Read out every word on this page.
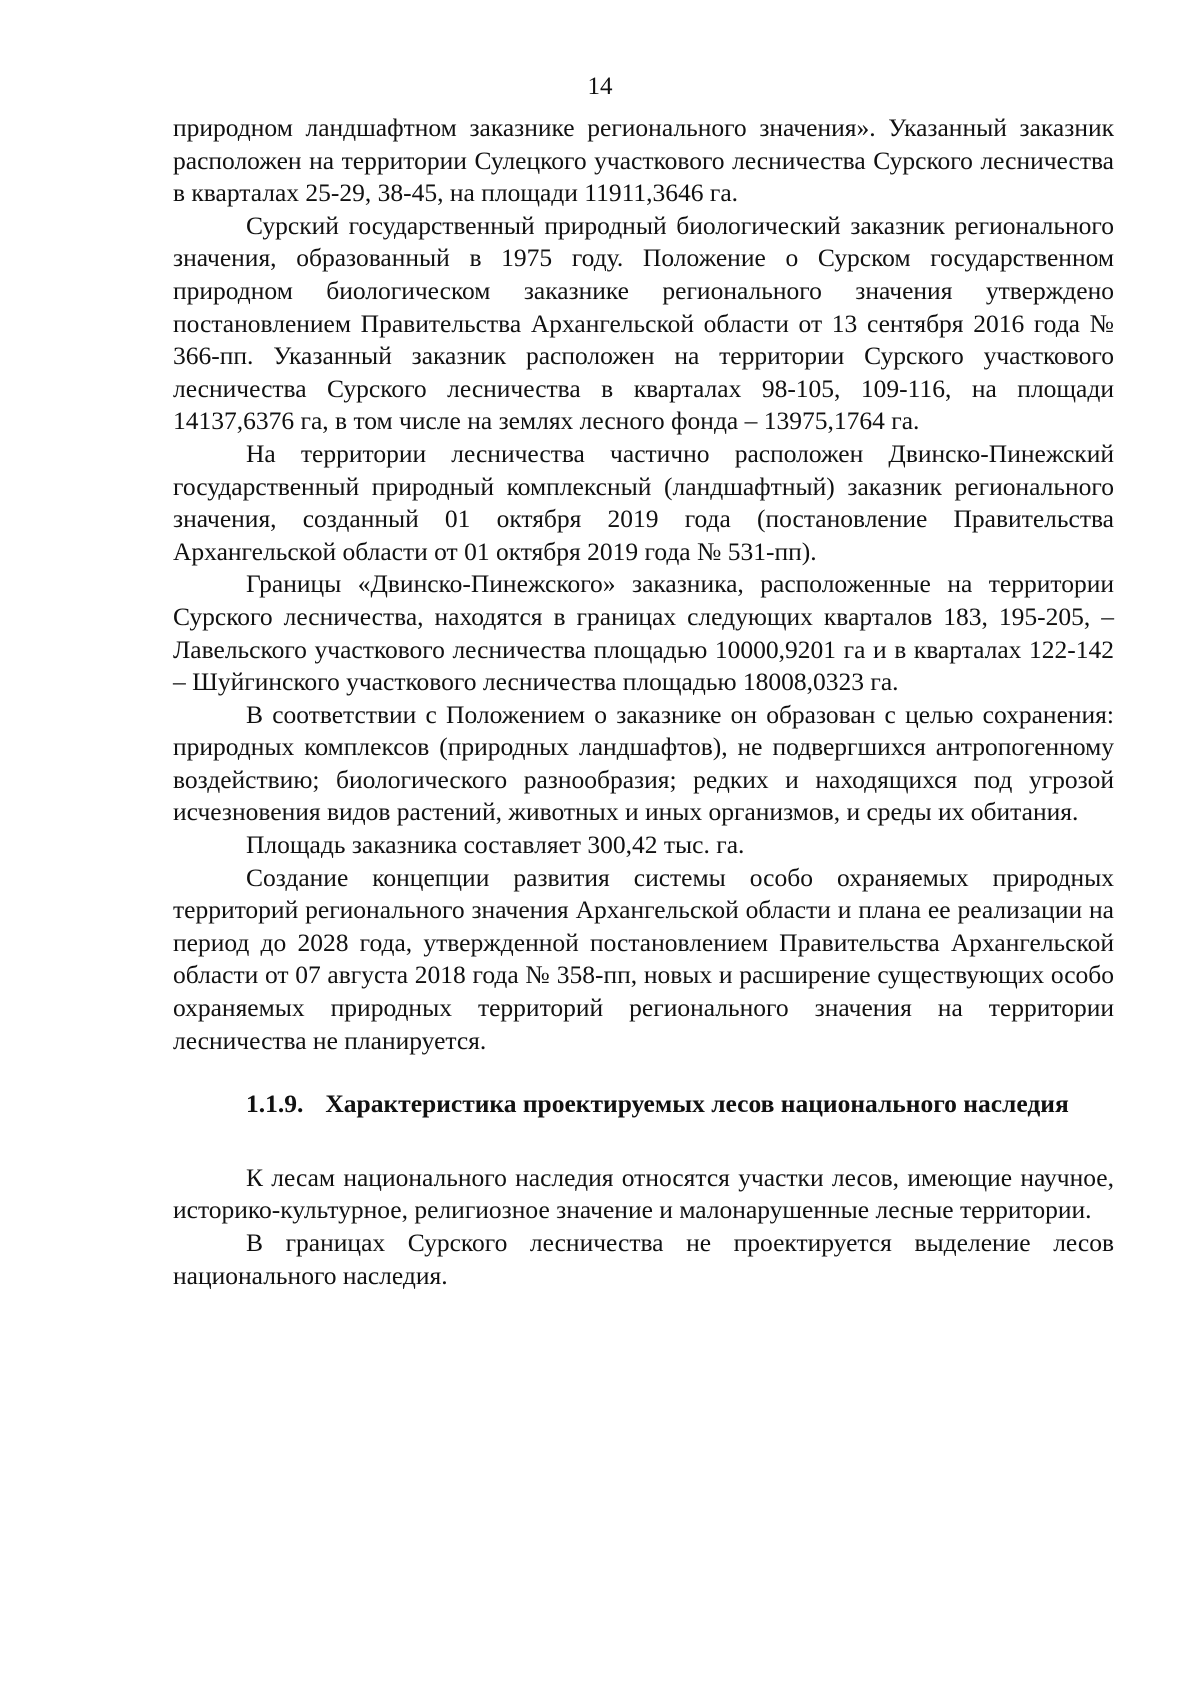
14

природном ландшафтном заказнике регионального значения». Указанный заказник расположен на территории Сулецкого участкового лесничества Сурского лесничества в кварталах 25-29, 38-45, на площади 11911,3646 га.

Сурский государственный природный биологический заказник регионального значения, образованный в 1975 году. Положение о Сурском государственном природном биологическом заказнике регионального значения утверждено постановлением Правительства Архангельской области от 13 сентября 2016 года № 366-пп. Указанный заказник расположен на территории Сурского участкового лесничества Сурского лесничества в кварталах 98-105, 109-116, на площади 14137,6376 га, в том числе на землях лесного фонда – 13975,1764 га.

На территории лесничества частично расположен Двинско-Пинежский государственный природный комплексный (ландшафтный) заказник регионального значения, созданный 01 октября 2019 года (постановление Правительства Архангельской области от 01 октября 2019 года № 531-пп).

Границы «Двинско-Пинежского» заказника, расположенные на территории Сурского лесничества, находятся в границах следующих кварталов 183, 195-205, – Лавельского участкового лесничества площадью 10000,9201 га и в кварталах 122-142 – Шуйгинского участкового лесничества площадью 18008,0323 га.

В соответствии с Положением о заказнике он образован с целью сохранения: природных комплексов (природных ландшафтов), не подвергшихся антропогенному воздействию; биологического разнообразия; редких и находящихся под угрозой исчезновения видов растений, животных и иных организмов, и среды их обитания.

Площадь заказника составляет 300,42 тыс. га.

Создание концепции развития системы особо охраняемых природных территорий регионального значения Архангельской области и плана ее реализации на период до 2028 года, утвержденной постановлением Правительства Архангельской области от 07 августа 2018 года № 358-пп, новых и расширение существующих особо охраняемых природных территорий регионального значения на территории лесничества не планируется.

1.1.9. Характеристика проектируемых лесов национального наследия

К лесам национального наследия относятся участки лесов, имеющие научное, историко-культурное, религиозное значение и малонарушенные лесные территории.

В границах Сурского лесничества не проектируется выделение лесов национального наследия.
